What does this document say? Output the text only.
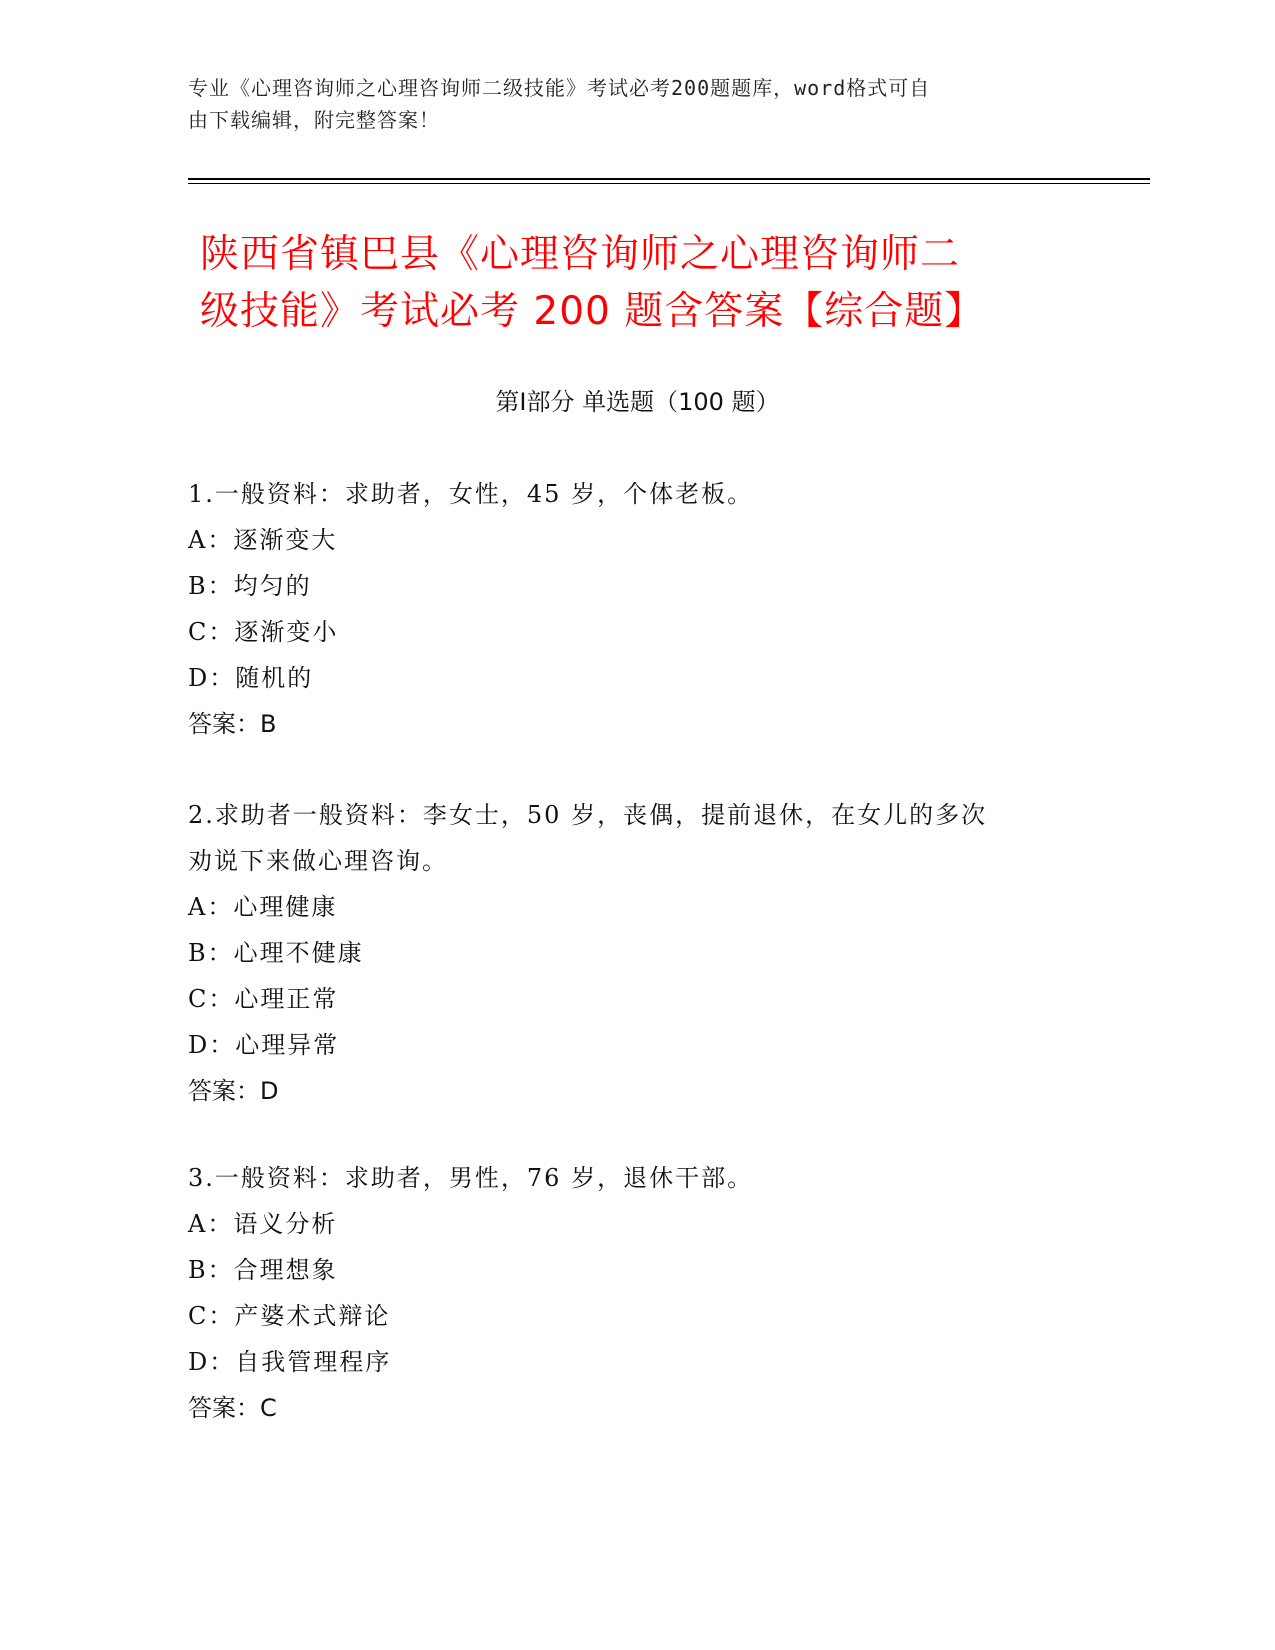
专业《心理咨询师之心理咨询师二级技能》考试必考200题题库，word格式可自
由下载编辑，附完整答案！
陕西省镇巴县《心理咨询师之心理咨询师二
级技能》考试必考 200 题含答案【综合题】
第Ⅰ部分 单选题（100 题）

1.一般资料：求助者，女性，45 岁，个体老板。

A：逐渐变大

B：均匀的

C：逐渐变小

D：随机的

答案：B

2.求助者一般资料：李女士，50 岁，丧偶，提前退休，在女儿的多次

劝说下来做心理咨询。

A：心理健康

B：心理不健康

C：心理正常

D：心理异常

答案：D

3.一般资料：求助者，男性，76 岁，退休干部。

A：语义分析

B：合理想象

C：产婆术式辩论

D：自我管理程序

答案：C
